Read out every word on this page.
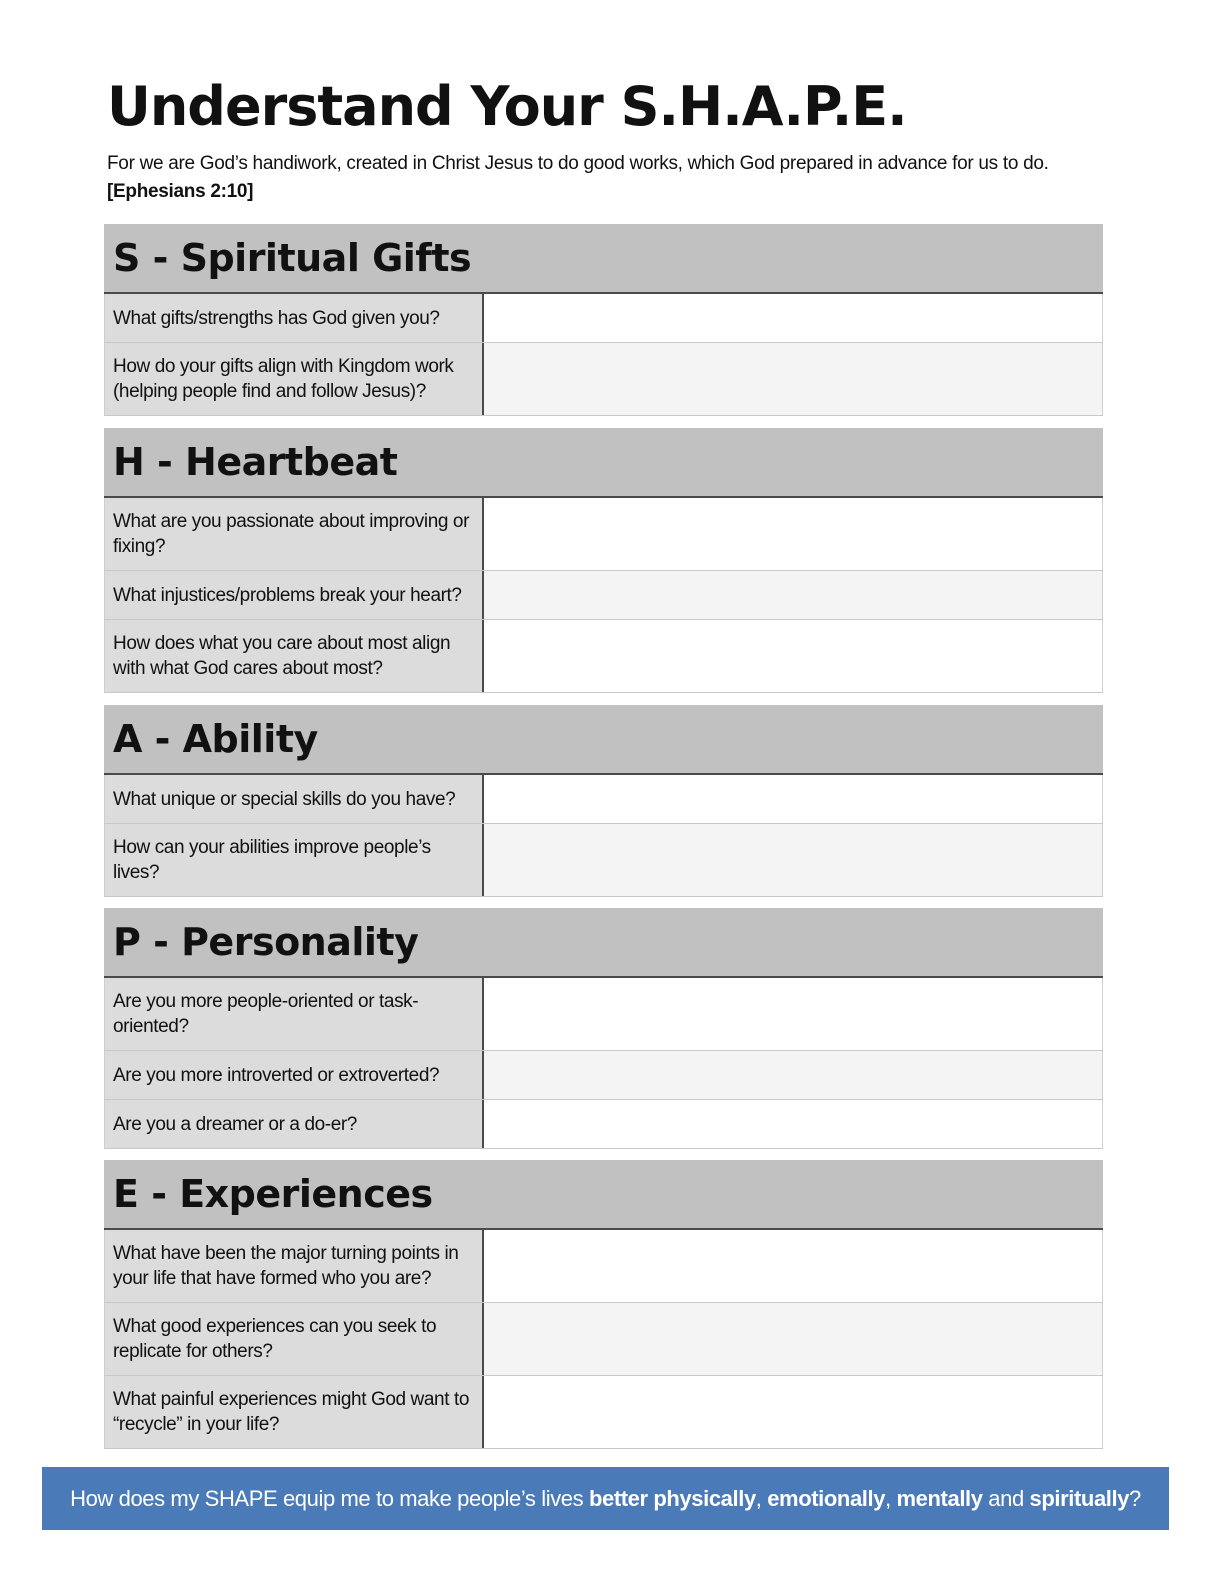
Understand Your S.H.A.P.E.
For we are God’s handiwork, created in Christ Jesus to do good works, which God prepared in advance for us to do.
[Ephesians 2:10]
S - Spiritual Gifts
What gifts/strengths has God given you?
How do your gifts align with Kingdom work (helping people find and follow Jesus)?
H - Heartbeat
What are you passionate about improving or fixing?
What injustices/problems break your heart?
How does what you care about most align with what God cares about most?
A - Ability
What unique or special skills do you have?
How can your abilities improve people’s lives?
P - Personality
Are you more people-oriented or task-oriented?
Are you more introverted or extroverted?
Are you a dreamer or a do-er?
E - Experiences
What have been the major turning points in your life that have formed who you are?
What good experiences can you seek to replicate for others?
What painful experiences might God want to “recycle” in your life?
How does my SHAPE equip me to make people’s lives better physically, emotionally, mentally and spiritually?
